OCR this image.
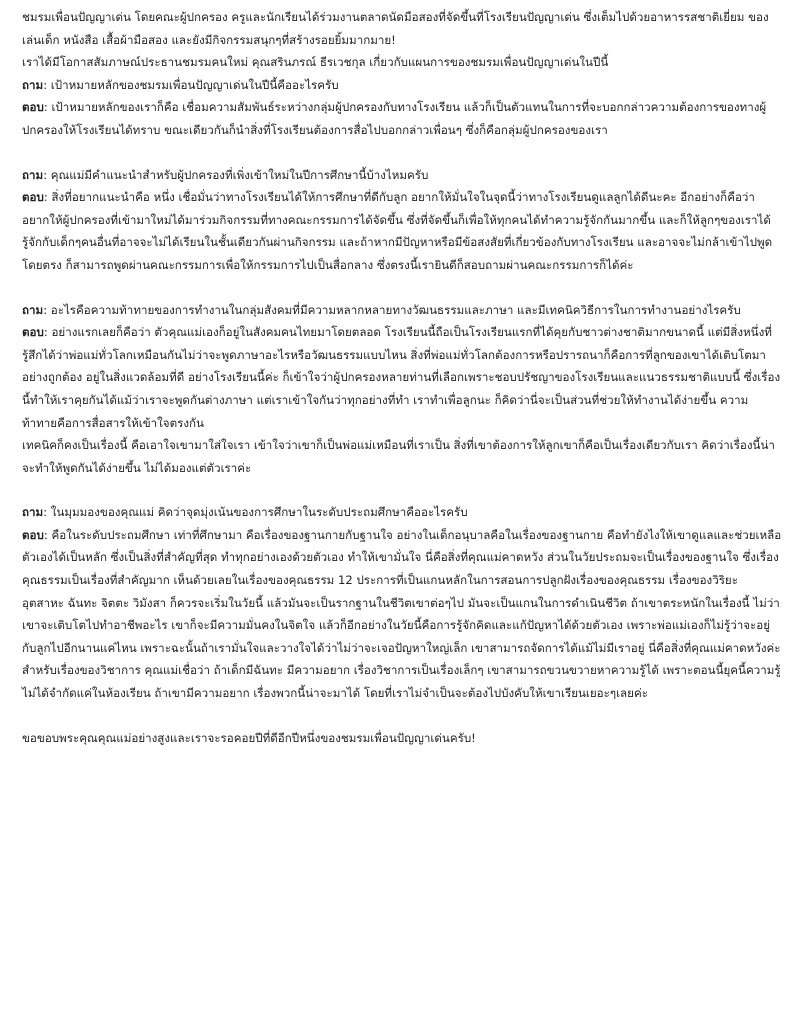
ชมรมเพื่อนปัญญาเด่น โดยคณะผู้ปกครอง ครูและนักเรียนได้ร่วมงานตลาดนัดมือสองที่จัดขึ้นที่โรงเรียนปัญญาเด่น ซึ่งเต็มไปด้วยอาหารรสชาติเยี่ยม ของเล่นเด็ก หนังสือ เสื้อผ้ามือสอง และยังมีกิจกรรมสนุกๆที่สร้างรอยยิ้มมากมาย!

เราได้มีโอกาสสัมภาษณ์ประธานชมรมคนใหม่ คุณสรินภรณ์ ธีรเวชกุล เกี่ยวกับแผนการของชมรมเพื่อนปัญญาเด่นในปีนี้

ถาม: เป้าหมายหลักของชมรมเพื่อนปัญญาเด่นในปีนี้คืออะไรครับ

ตอบ: เป้าหมายหลักของเราก็คือ เชื่อมความสัมพันธ์ระหว่างกลุ่มผู้ปกครองกับทางโรงเรียน แล้วก็เป็นตัวแทนในการที่จะบอกกล่าวความต้องการของทางผู้ปกครองให้โรงเรียนได้ทราบ ขณะเดียวกันก็นำสิ่งที่โรงเรียนต้องการสื่อไปบอกกล่าวเพื่อนๆ ซึ่งก็คือกลุ่มผู้ปกครองของเรา

ถาม: คุณแม่มีคำแนะนำสำหรับผู้ปกครองที่เพิ่งเข้าใหม่ในปีการศึกษานี้บ้างไหมครับ

ตอบ: สิ่งที่อยากแนะนำคือ หนึ่ง เชื่อมั่นว่าทางโรงเรียนได้ให้การศึกษาที่ดีกับลูก อยากให้มั่นใจในจุดนี้ว่าทางโรงเรียนดูแลลูกได้ดีนะคะ อีกอย่างก็คือว่า อยากให้ผู้ปกครองที่เข้ามาใหม่ได้มาร่วมกิจกรรมที่ทางคณะกรรมการได้จัดขึ้น ซึ่งที่จัดขึ้นก็เพื่อให้ทุกคนได้ทำความรู้จักกันมากขึ้น และก็ให้ลูกๆของเราได้รู้จักกับเด็กๆคนอื่นที่อาจจะไม่ได้เรียนในชั้นเดียวกันผ่านกิจกรรม และถ้าหากมีปัญหาหรือมีข้อสงสัยที่เกี่ยวข้องกับทางโรงเรียน และอาจจะไม่กล้าเข้าไปพูดโดยตรง ก็สามารถพูดผ่านคณะกรรมการเพื่อให้กรรมการไปเป็นสื่อกลาง ซึ่งตรงนี้เรายินดีก็สอบถามผ่านคณะกรรมการก็ได้ค่ะ

ถาม: อะไรคือความท้าทายของการทำงานในกลุ่มสังคมที่มีความหลากหลายทางวัฒนธรรมและภาษา และมีเทคนิควิธีการในการทำงานอย่างไรครับ

ตอบ: อย่างแรกเลยก็คือว่า ตัวคุณแม่เองก็อยู่ในสังคมคนไทยมาโดยตลอด โรงเรียนนี้ถือเป็นโรงเรียนแรกที่ได้คุยกับชาวต่างชาติมากขนาดนี้ แต่มีสิ่งหนึ่งที่รู้สึกได้ว่าพ่อแม่ทั่วโลกเหมือนกันไม่ว่าจะพูดภาษาอะไรหรือวัฒนธรรมแบบไหน สิ่งที่พ่อแม่ทั่วโลกต้องการหรือปรารถนาก็คือการที่ลูกของเขาได้เติบโตมาอย่างถูกต้อง อยู่ในสิ่งแวดล้อมที่ดี อย่างโรงเรียนนี้ค่ะ ก็เข้าใจว่าผู้ปกครองหลายท่านที่เลือกเพราะชอบปรัชญาของโรงเรียนและแนวธรรมชาติแบบนี้ ซึ่งเรื่องนี้ทำให้เราคุยกันได้แม้ว่าเราจะพูดกันต่างภาษา แต่เราเข้าใจกันว่าทุกอย่างที่ทำ เราทำเพื่อลูกนะ ก็คิดว่านี่จะเป็นส่วนที่ช่วยให้ทำงานได้ง่ายขึ้น ความท้าทายคือการสื่อสารให้เข้าใจตรงกัน

เทคนิคก็คงเป็นเรื่องนี้ คือเอาใจเขามาใส่ใจเรา เข้าใจว่าเขาก็เป็นพ่อแม่เหมือนที่เราเป็น สิ่งที่เขาต้องการให้ลูกเขาก็คือเป็นเรื่องเดียวกับเรา คิดว่าเรื่องนี้น่าจะทำให้พูดกันได้ง่ายขึ้น ไม่ได้มองแต่ตัวเราค่ะ

ถาม: ในมุมมองของคุณแม่ คิดว่าจุดมุ่งเน้นของการศึกษาในระดับประถมศึกษาคืออะไรครับ

ตอบ: คือในระดับประถมศึกษา เท่าที่ศึกษามา คือเรื่องของฐานกายกับฐานใจ อย่างในเด็กอนุบาลคือในเรื่องของฐานกาย คือทำยังไงให้เขาดูแลและช่วยเหลือตัวเองได้เป็นหลัก ซึ่งเป็นสิ่งที่สำคัญที่สุด ทำทุกอย่างเองด้วยตัวเอง ทำให้เขามั่นใจ นี่คือสิ่งที่คุณแม่คาดหวัง ส่วนในวัยประถมจะเป็นเรื่องของฐานใจ ซึ่งเรื่องคุณธรรมเป็นเรื่องที่สำคัญมาก เห็นด้วยเลยในเรื่องของคุณธรรม 12 ประการที่เป็นแกนหลักในการสอนการปลูกฝังเรื่องของคุณธรรม เรื่องของวิริยะ อุตสาหะ ฉันทะ จิตตะ วิมังสา ก็ควรจะเริ่มในวัยนี้ แล้วมันจะเป็นรากฐานในชีวิตเขาต่อๆไป มันจะเป็นแกนในการดำเนินชีวิต ถ้าเขาตระหนักในเรื่องนี้ ไม่ว่าเขาจะเติบโตไปทำอาชีพอะไร เขาก็จะมีความมั่นคงในจิตใจ แล้วก็อีกอย่างในวัยนี้คือการรู้จักคิดและแก้ปัญหาได้ด้วยตัวเอง เพราะพ่อแม่เองก็ไม่รู้ว่าจะอยู่กับลูกไปอีกนานแค่ไหน เพราะฉะนั้นถ้าเรามั่นใจและวางใจได้ว่าไม่ว่าจะเจอปัญหาใหญ่เล็ก เขาสามารถจัดการได้แม้ไม่มีเราอยู่ นี่คือสิ่งที่คุณแม่คาดหวังค่ะ สำหรับเรื่องของวิชาการ คุณแม่เชื่อว่า ถ้าเด็กมีฉันทะ มีความอยาก เรื่องวิชาการเป็นเรื่องเล็กๆ เขาสามารถขวนขวายหาความรู้ได้ เพราะตอนนี้ยุคนี้ความรู้ไม่ได้จำกัดแค่ในห้องเรียน ถ้าเขามีความอยาก เรื่องพวกนี้น่าจะมาได้ โดยที่เราไม่จำเป็นจะต้องไปบังคับให้เขาเรียนเยอะๆเลยค่ะ

ขอขอบพระคุณคุณแม่อย่างสูงและเราจะรอคอยปีที่ดีอีกปีหนึ่งของชมรมเพื่อนปัญญาเด่นครับ!
